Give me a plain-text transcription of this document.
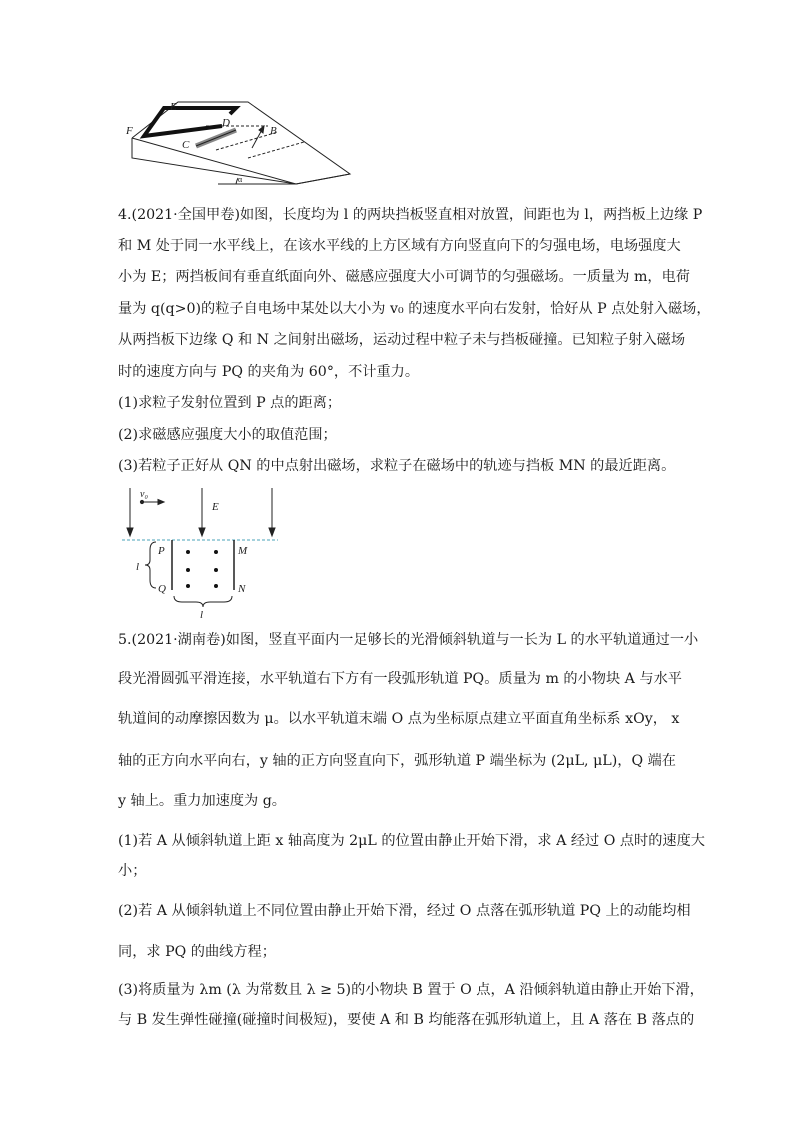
E
F
D
C
B
α

4.(2021·全国甲卷)如图，长度均为 l 的两块挡板竖直相对放置，间距也为 l，两挡板上边缘 P

和 M 处于同一水平线上，在该水平线的上方区域有方向竖直向下的匀强电场，电场强度大

小为 E；两挡板间有垂直纸面向外、磁感应强度大小可调节的匀强磁场。一质量为 m，电荷

量为 q(q>0)的粒子自电场中某处以大小为 v₀ 的速度水平向右发射，恰好从 P 点处射入磁场，

从两挡板下边缘 Q 和 N 之间射出磁场，运动过程中粒子未与挡板碰撞。已知粒子射入磁场

时的速度方向与 PQ 的夹角为 60°，不计重力。

(1)求粒子发射位置到 P 点的距离；

(2)求磁感应强度大小的取值范围；

(3)若粒子正好从 QN 的中点射出磁场，求粒子在磁场中的轨迹与挡板 MN 的最近距离。

v₀
E
P
Q
M
N
l
l

5.(2021·湖南卷)如图，竖直平面内一足够长的光滑倾斜轨道与一长为 L 的水平轨道通过一小

段光滑圆弧平滑连接，水平轨道右下方有一段弧形轨道 PQ。质量为 m 的小物块 A 与水平

轨道间的动摩擦因数为 μ。以水平轨道末端 O 点为坐标原点建立平面直角坐标系 xOy， x

轴的正方向水平向右，y 轴的正方向竖直向下，弧形轨道 P 端坐标为 (2μL, μL)，Q 端在

y 轴上。重力加速度为 g。

(1)若 A 从倾斜轨道上距 x 轴高度为 2μL 的位置由静止开始下滑，求 A 经过 O 点时的速度大

小；

(2)若 A 从倾斜轨道上不同位置由静止开始下滑，经过 O 点落在弧形轨道 PQ 上的动能均相

同，求 PQ 的曲线方程；

(3)将质量为 λm (λ 为常数且 λ ≥ 5)的小物块 B 置于 O 点，A 沿倾斜轨道由静止开始下滑，

与 B 发生弹性碰撞(碰撞时间极短)，要使 A 和 B 均能落在弧形轨道上，且 A 落在 B 落点的
